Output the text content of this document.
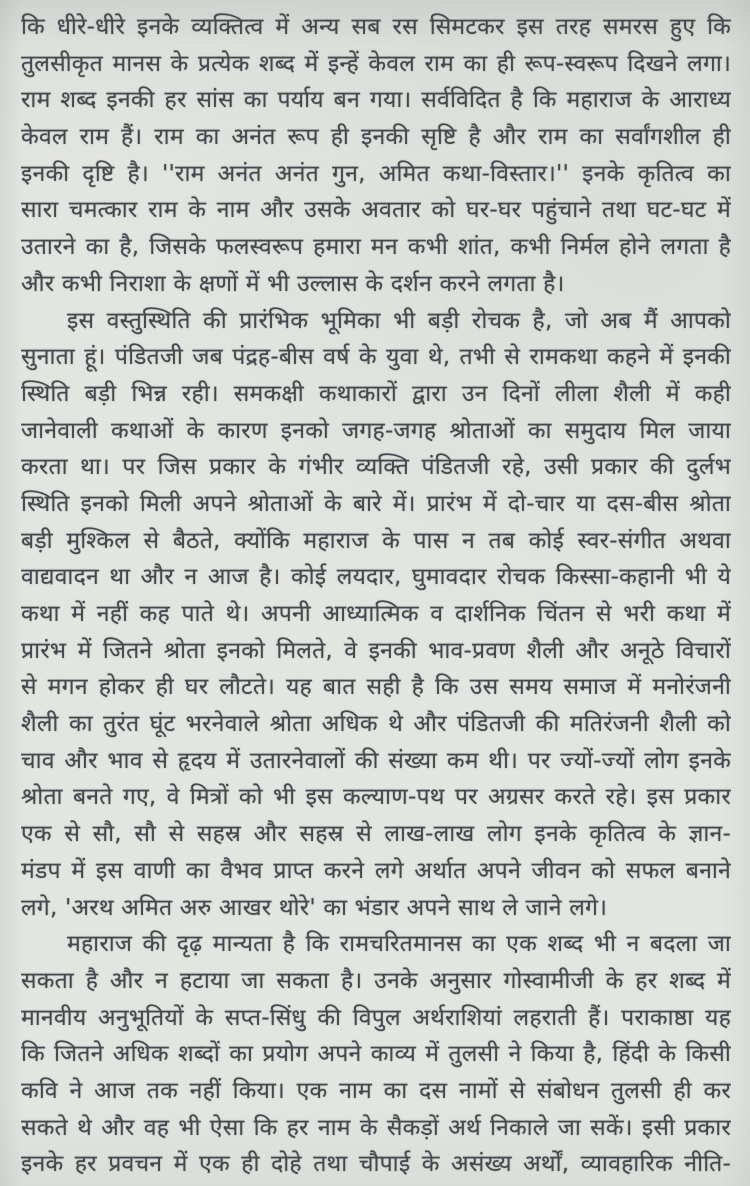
कि धीरे-धीरे इनके व्यक्तित्व में अन्य सब रस सिमटकर इस तरह समरस हुए कि
तुलसीकृत मानस के प्रत्येक शब्द में इन्हें केवल राम का ही रूप-स्वरूप दिखने लगा।
राम शब्द इनकी हर सांस का पर्याय बन गया। सर्वविदित है कि महाराज के आराध्य
केवल राम हैं। राम का अनंत रूप ही इनकी सृष्टि है और राम का सर्वांगशील ही
इनकी दृष्टि है। ''राम अनंत अनंत गुन, अमित कथा-विस्तार।'' इनके कृतित्व का
सारा चमत्कार राम के नाम और उसके अवतार को घर-घर पहुंचाने तथा घट-घट में
उतारने का है, जिसके फलस्वरूप हमारा मन कभी शांत, कभी निर्मल होने लगता है
और कभी निराशा के क्षणों में भी उल्लास के दर्शन करने लगता है।
इस वस्तुस्थिति की प्रारंभिक भूमिका भी बड़ी रोचक है, जो अब मैं आपको
सुनाता हूं। पंडितजी जब पंद्रह-बीस वर्ष के युवा थे, तभी से रामकथा कहने में इनकी
स्थिति बड़ी भिन्न रही। समकक्षी कथाकारों द्वारा उन दिनों लीला शैली में कही
जानेवाली कथाओं के कारण इनको जगह-जगह श्रोताओं का समुदाय मिल जाया
करता था। पर जिस प्रकार के गंभीर व्यक्ति पंडितजी रहे, उसी प्रकार की दुर्लभ
स्थिति इनको मिली अपने श्रोताओं के बारे में। प्रारंभ में दो-चार या दस-बीस श्रोता
बड़ी मुश्किल से बैठते, क्योंकि महाराज के पास न तब कोई स्वर-संगीत अथवा
वाद्यवादन था और न आज है। कोई लयदार, घुमावदार रोचक किस्सा-कहानी भी ये
कथा में नहीं कह पाते थे। अपनी आध्यात्मिक व दार्शनिक चिंतन से भरी कथा में
प्रारंभ में जितने श्रोता इनको मिलते, वे इनकी भाव-प्रवण शैली और अनूठे विचारों
से मगन होकर ही घर लौटते। यह बात सही है कि उस समय समाज में मनोरंजनी
शैली का तुरंत घूंट भरनेवाले श्रोता अधिक थे और पंडितजी की मतिरंजनी शैली को
चाव और भाव से हृदय में उतारनेवालों की संख्या कम थी। पर ज्यों-ज्यों लोग इनके
श्रोता बनते गए, वे मित्रों को भी इस कल्याण-पथ पर अग्रसर करते रहे। इस प्रकार
एक से सौ, सौ से सहस्र और सहस्र से लाख-लाख लोग इनके कृतित्व के ज्ञान-
मंडप में इस वाणी का वैभव प्राप्त करने लगे अर्थात अपने जीवन को सफल बनाने
लगे, 'अरथ अमित अरु आखर थोरे' का भंडार अपने साथ ले जाने लगे।
महाराज की दृढ़ मान्यता है कि रामचरितमानस का एक शब्द भी न बदला जा
सकता है और न हटाया जा सकता है। उनके अनुसार गोस्वामीजी के हर शब्द में
मानवीय अनुभूतियों के सप्त-सिंधु की विपुल अर्थराशियां लहराती हैं। पराकाष्ठा यह
कि जितने अधिक शब्दों का प्रयोग अपने काव्य में तुलसी ने किया है, हिंदी के किसी
कवि ने आज तक नहीं किया। एक नाम का दस नामों से संबोधन तुलसी ही कर
सकते थे और वह भी ऐसा कि हर नाम के सैकड़ों अर्थ निकाले जा सकें। इसी प्रकार
इनके हर प्रवचन में एक ही दोहे तथा चौपाई के असंख्य अर्थों, व्यावहारिक नीति-
